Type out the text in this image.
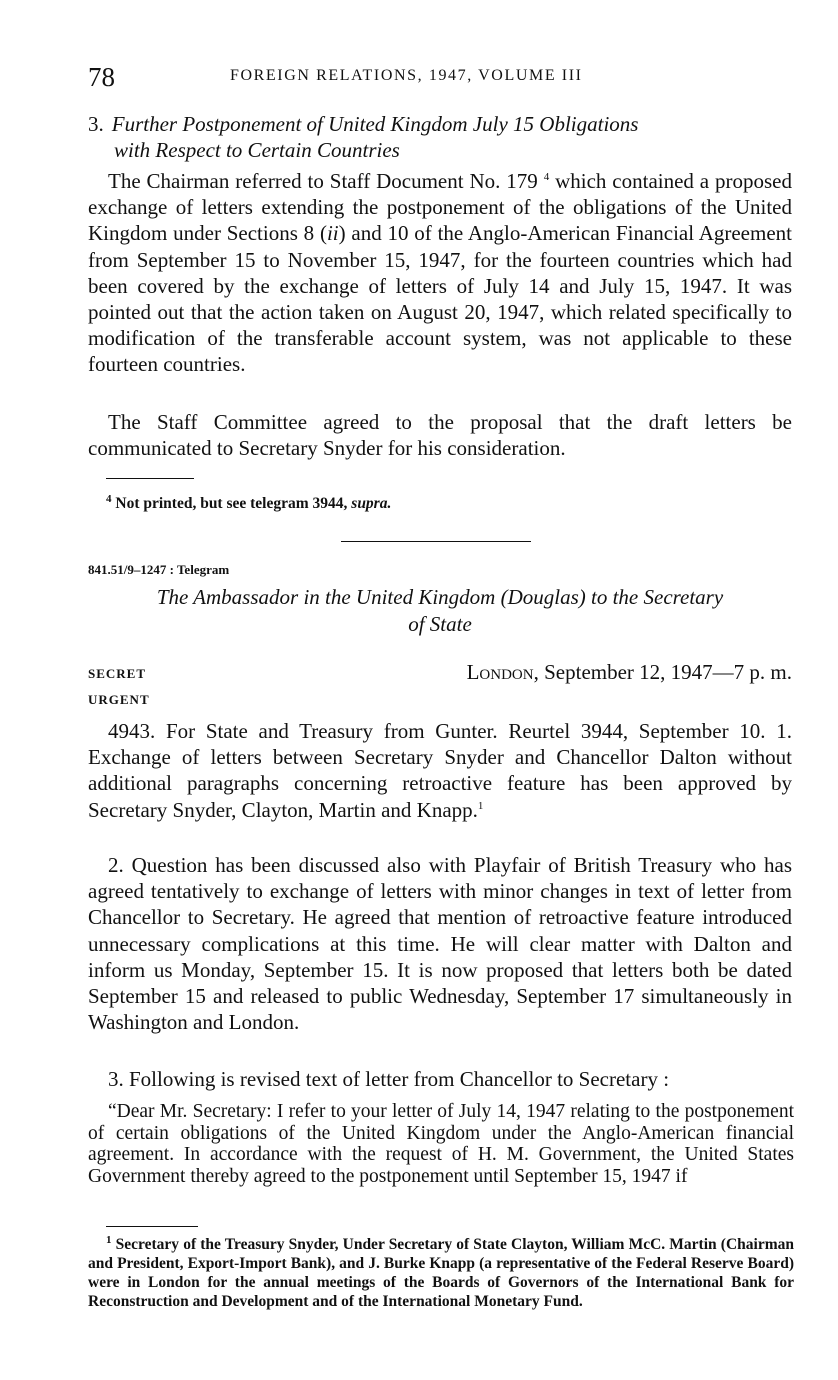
78	FOREIGN RELATIONS, 1947, VOLUME III
3. Further Postponement of United Kingdom July 15 Obligations
with Respect to Certain Countries

The Chairman referred to Staff Document No. 179 $^4$ which contained a proposed exchange of letters extending the postponement of the obligations of the United Kingdom under Sections 8 (ii) and 10 of the Anglo-American Financial Agreement from September 15 to November 15, 1947, for the fourteen countries which had been covered by the exchange of letters of July 14 and July 15, 1947. It was pointed out that the action taken on August 20, 1947, which related specifically to modification of the transferable account system, was not applicable to these fourteen countries.

The Staff Committee agreed to the proposal that the draft letters be communicated to Secretary Snyder for his consideration.

$^4$ Not printed, but see telegram 3944, supra.

841.51/9–1247 : Telegram
The Ambassador in the United Kingdom (Douglas) to the Secretary
of State
SECRET
URGENT
London, September 12, 1947—7 p. m.

4943. For State and Treasury from Gunter. Reurtel 3944, September 10. 1. Exchange of letters between Secretary Snyder and Chancellor Dalton without additional paragraphs concerning retroactive feature has been approved by Secretary Snyder, Clayton, Martin and Knapp.$^1$

2. Question has been discussed also with Playfair of British Treasury who has agreed tentatively to exchange of letters with minor changes in text of letter from Chancellor to Secretary. He agreed that mention of retroactive feature introduced unnecessary complications at this time. He will clear matter with Dalton and inform us Monday, September 15. It is now proposed that letters both be dated September 15 and released to public Wednesday, September 17 simultaneously in Washington and London.

3. Following is revised text of letter from Chancellor to Secretary :

“Dear Mr. Secretary: I refer to your letter of July 14, 1947 relating to the postponement of certain obligations of the United Kingdom under the Anglo-American financial agreement. In accordance with the request of H. M. Government, the United States Government thereby agreed to the postponement until September 15, 1947 if

$^1$ Secretary of the Treasury Snyder, Under Secretary of State Clayton, William McC. Martin (Chairman and President, Export-Import Bank), and J. Burke Knapp (a representative of the Federal Reserve Board) were in London for the annual meetings of the Boards of Governors of the International Bank for Reconstruction and Development and of the International Monetary Fund.
